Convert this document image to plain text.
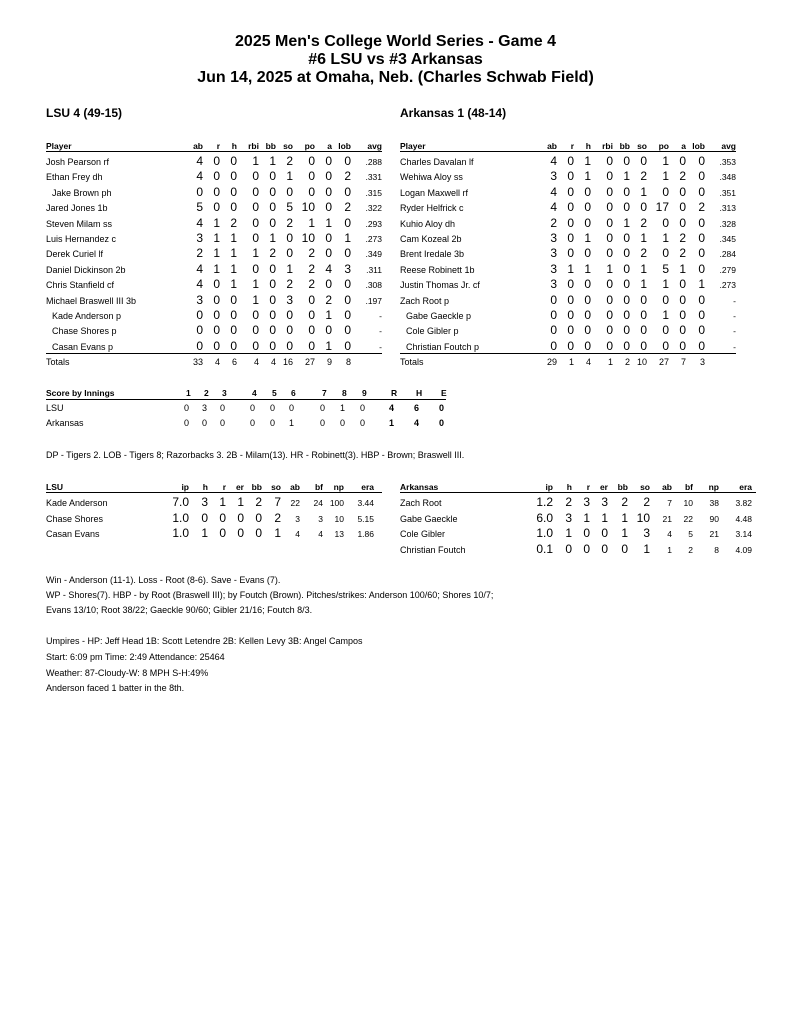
2025 Men's College World Series - Game 4
#6 LSU vs #3 Arkansas
Jun 14, 2025 at Omaha, Neb. (Charles Schwab Field)
LSU 4 (49-15)	Arkansas 1 (48-14)
Player	ab r h rbi bb so po a lob avg
Josh Pearson rf	4 0 0 1 1 2 0 0 0 .288
Ethan Frey dh	4 0 0 0 0 1 0 0 2 .331
Jake Brown ph	0 0 0 0 0 0 0 0 0 .315
Jared Jones 1b	5 0 0 0 0 5 10 0 2 .322
Steven Milam ss	4 1 2 0 0 2 1 1 0 .293
Luis Hernandez c	3 1 1 0 1 0 10 0 1 .273
Derek Curiel lf	2 1 1 1 2 0 2 0 0 .349
Daniel Dickinson 2b	4 1 1 0 0 1 2 4 3 .311
Chris Stanfield cf	4 0 1 1 0 2 2 0 0 .308
Michael Braswell III 3b	3 0 0 1 0 3 0 2 0 .197
Kade Anderson p	0 0 0 0 0 0 0 1 0	-
Chase Shores p	0 0 0 0 0 0 0 0 0	-
Casan Evans p	0 0 0 0 0 0 0 1 0	-
Totals	33 4 6 4 4 16 27 9 8
Player	ab r h rbi bb so po a lob avg
Charles Davalan lf	4 0 1 0 0 0 1 0 0 .353
Wehiwa Aloy ss	3 0 1 0 1 2 1 2 0 .348
Logan Maxwell rf	4 0 0 0 0 1 0 0 0 .351
Ryder Helfrick c	4 0 0 0 0 0 17 0 2 .313
Kuhio Aloy dh	2 0 0 0 1 2 0 0 0 .328
Cam Kozeal 2b	3 0 1 0 0 1 1 2 0 .345
Brent Iredale 3b	3 0 0 0 0 2 0 2 0 .284
Reese Robinett 1b	3 1 1 1 0 1 5 1 0 .279
Justin Thomas Jr. cf	3 0 0 0 0 1 1 0 1 .273
Zach Root p	0 0 0 0 0 0 0 0 0	-
Gabe Gaeckle p	0 0 0 0 0 0 1 0 0	-
Cole Gibler p	0 0 0 0 0 0 0 0 0	-
Christian Foutch p	0 0 0 0 0 0 0 0 0	-
Totals	29 1 4 1 2 10 27 7 3
Score by Innings	1 2 3	4 5 6	7 8 9	R H E
LSU	0 3 0	0 0 0	0 1 0	4 6 0
Arkansas	0 0 0	0 0 1	0 0 0	1 4 0
DP - Tigers 2. LOB - Tigers 8; Razorbacks 3. 2B - Milam(13). HR - Robinett(3). HBP - Brown; Braswell III.
LSU	ip h r er bb so ab bf np era
Kade Anderson	7.0 3 1 1 2 7 22 24 100 3.44
Chase Shores	1.0 0 0 0 0 2 3 3 10 5.15
Casan Evans	1.0 1 0 0 0 1 4 4 13 1.86
Arkansas	ip h r er bb so ab bf np era
Zach Root	1.2 2 3 3 2 2 7 10 38 3.82
Gabe Gaeckle	6.0 3 1 1 1 10 21 22 90 4.48
Cole Gibler	1.0 1 0 0 1 3 4 5 21 3.14
Christian Foutch	0.1 0 0 0 0 1 1 2	8 4.09
Win - Anderson (11-1). Loss - Root (8-6). Save - Evans (7).
WP - Shores(7). HBP - by Root (Braswell III); by Foutch (Brown). Pitches/strikes: Anderson 100/60; Shores 10/7;
Evans 13/10; Root 38/22; Gaeckle 90/60; Gibler 21/16; Foutch 8/3.
Umpires - HP: Jeff Head 1B: Scott Letendre 2B: Kellen Levy 3B: Angel Campos
Start: 6:09 pm Time: 2:49 Attendance: 25464
Weather: 87-Cloudy-W: 8 MPH S-H:49%
Anderson faced 1 batter in the 8th.
